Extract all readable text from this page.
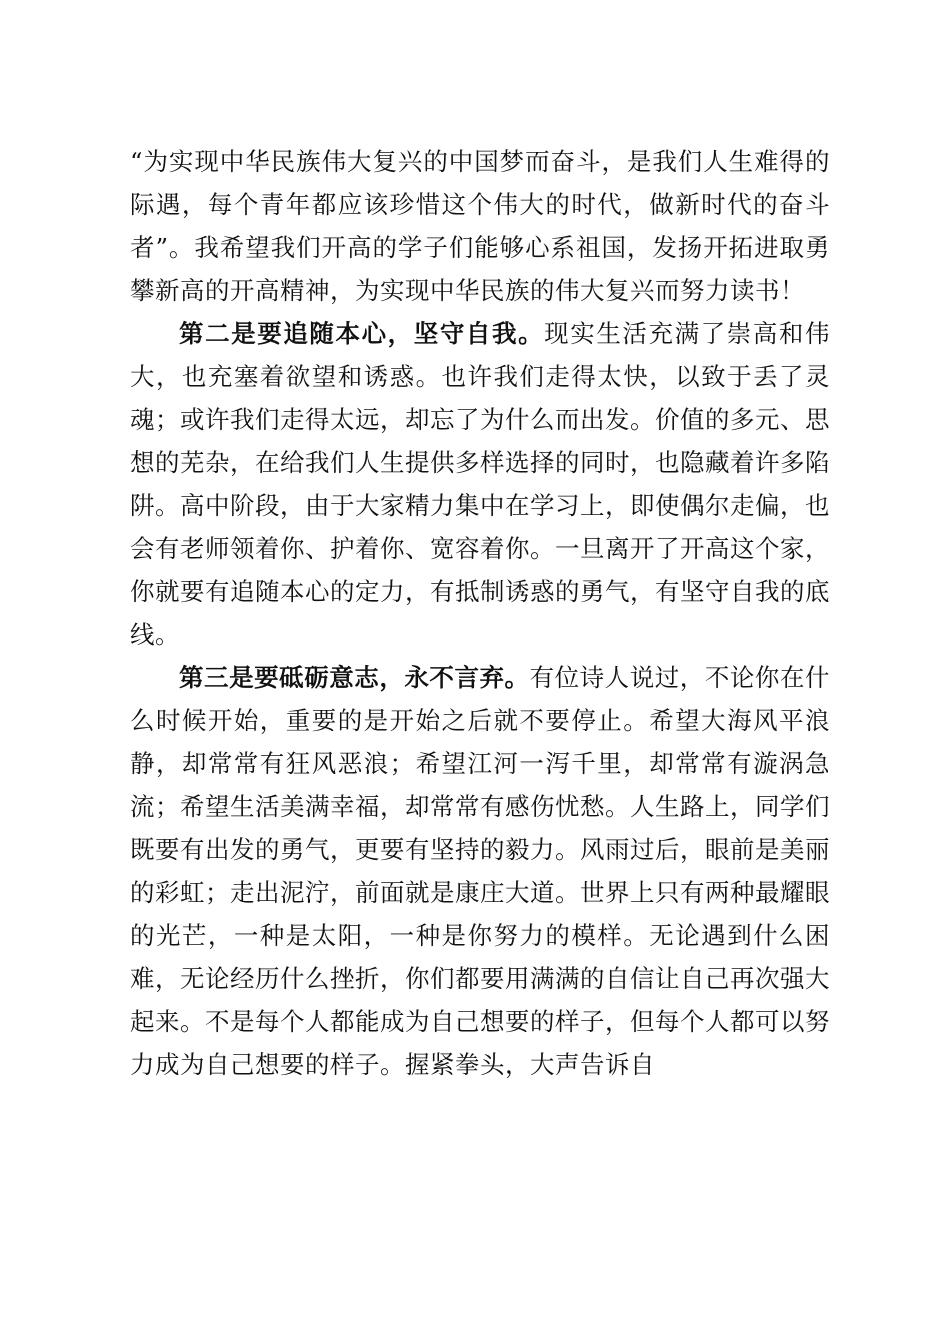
“为实现中华民族伟大复兴的中国梦而奋斗，是我们人生难得的际遇，每个青年都应该珍惜这个伟大的时代，做新时代的奋斗者”。我希望我们开高的学子们能够心系祖国，发扬开拓进取勇攀新高的开高精神，为实现中华民族的伟大复兴而努力读书！

第二是要追随本心，坚守自我。现实生活充满了崇高和伟大，也充塞着欲望和诱惑。也许我们走得太快，以致于丢了灵魂；或许我们走得太远，却忘了为什么而出发。价值的多元、思想的芜杂，在给我们人生提供多样选择的同时，也隐藏着许多陷阱。高中阶段，由于大家精力集中在学习上，即使偶尔走偏，也会有老师领着你、护着你、宽容着你。一旦离开了开高这个家，你就要有追随本心的定力，有抵制诱惑的勇气，有坚守自我的底线。

第三是要砥砺意志，永不言弃。有位诗人说过，不论你在什么时候开始，重要的是开始之后就不要停止。希望大海风平浪静，却常常有狂风恶浪；希望江河一泻千里，却常常有漩涡急流；希望生活美满幸福，却常常有感伤忧愁。人生路上，同学们既要有出发的勇气，更要有坚持的毅力。风雨过后，眼前是美丽的彩虹；走出泥泞，前面就是康庄大道。世界上只有两种最耀眼的光芒，一种是太阳，一种是你努力的模样。无论遇到什么困难，无论经历什么挫折，你们都要用满满的自信让自己再次强大起来。不是每个人都能成为自己想要的样子，但每个人都可以努力成为自己想要的样子。握紧拳头，大声告诉自
